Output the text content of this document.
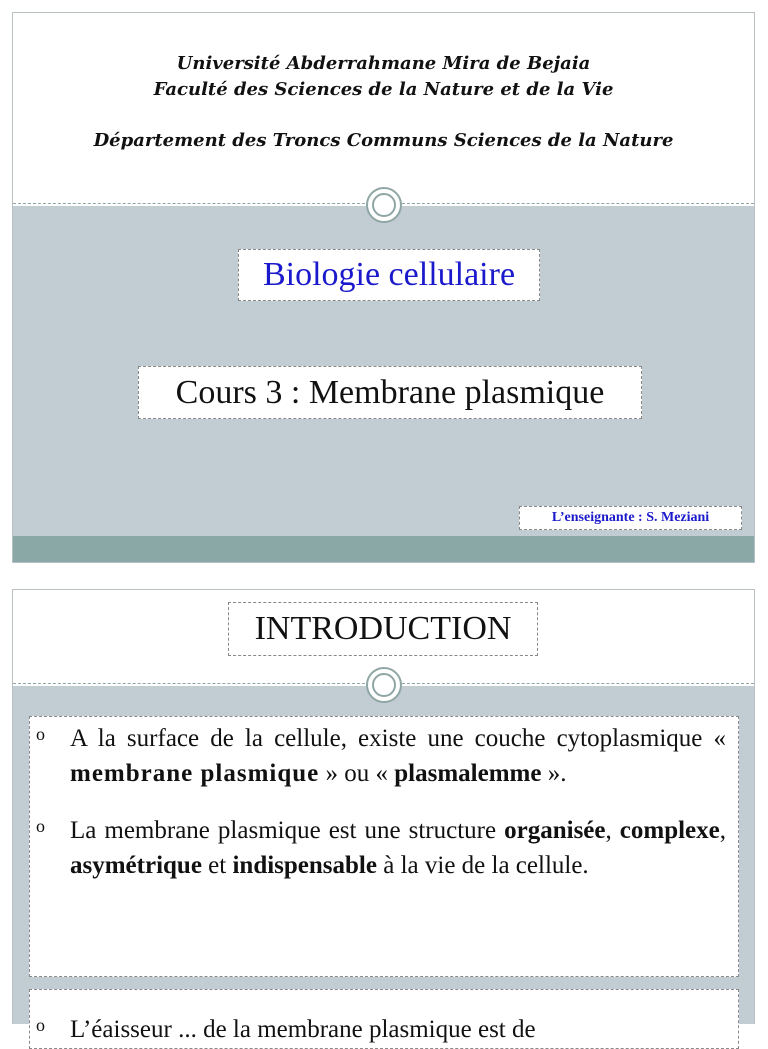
Université Abderrahmane Mira de Bejaia
Faculté des Sciences de la Nature et de la Vie
Département des Troncs Communs Sciences de la Nature
Biologie cellulaire
Cours 3 : Membrane plasmique
L’enseignante : S. Meziani
INTRODUCTION
o	A la surface de la cellule, existe une couche cytoplasmique « membrane plasmique » ou « plasmalemme ».
o	La membrane plasmique est une structure organisée, complexe, asymétrique et indispensable à la vie de la cellule.
o	L’éaisseur ... de la membrane plasmique est de
